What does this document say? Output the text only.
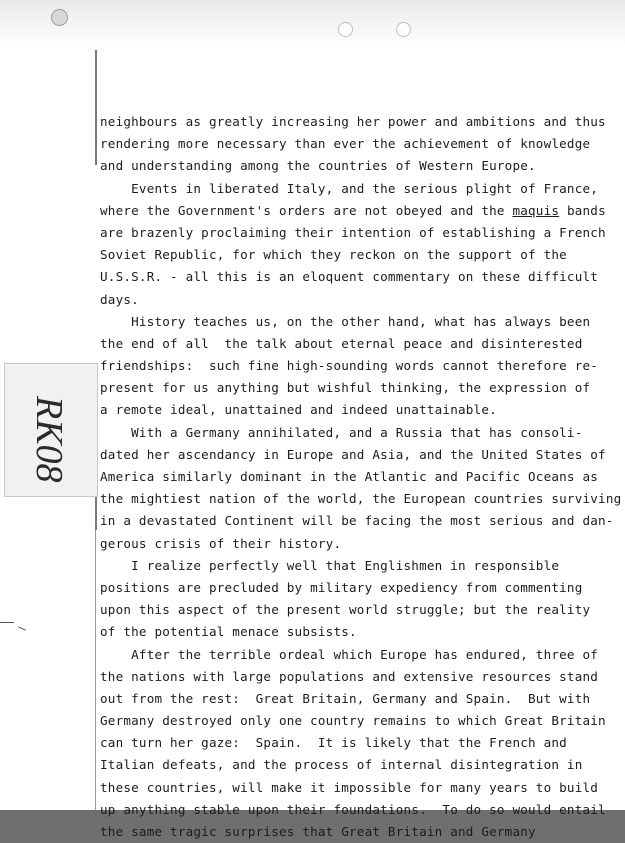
RK08
neighbours as greatly increasing her power and ambitions and thus
rendering more necessary than ever the achievement of knowledge
and understanding among the countries of Western Europe.
Events in liberated Italy, and the serious plight of France,
where the Government's orders are not obeyed and the maquis bands
are brazenly proclaiming their intention of establishing a French
Soviet Republic, for which they reckon on the support of the
U.S.S.R. - all this is an eloquent commentary on these difficult
days.
History teaches us, on the other hand, what has always been
the end of all  the talk about eternal peace and disinterested
friendships:  such fine high-sounding words cannot therefore re-
present for us anything but wishful thinking, the expression of
a remote ideal, unattained and indeed unattainable.
With a Germany annihilated, and a Russia that has consoli-
dated her ascendancy in Europe and Asia, and the United States of
America similarly dominant in the Atlantic and Pacific Oceans as
the mightiest nation of the world, the European countries surviving
in a devastated Continent will be facing the most serious and dan-
gerous crisis of their history.
I realize perfectly well that Englishmen in responsible
positions are precluded by military expediency from commenting
upon this aspect of the present world struggle; but the reality
of the potential menace subsists.
After the terrible ordeal which Europe has endured, three of
the nations with large populations and extensive resources stand
out from the rest:  Great Britain, Germany and Spain.  But with
Germany destroyed only one country remains to which Great Britain
can turn her gaze:  Spain.  It is likely that the French and
Italian defeats, and the process of internal disintegration in
these countries, will make it impossible for many years to build
up anything stable upon their foundations.  To do so would entail
the same tragic surprises that Great Britain and Germany
